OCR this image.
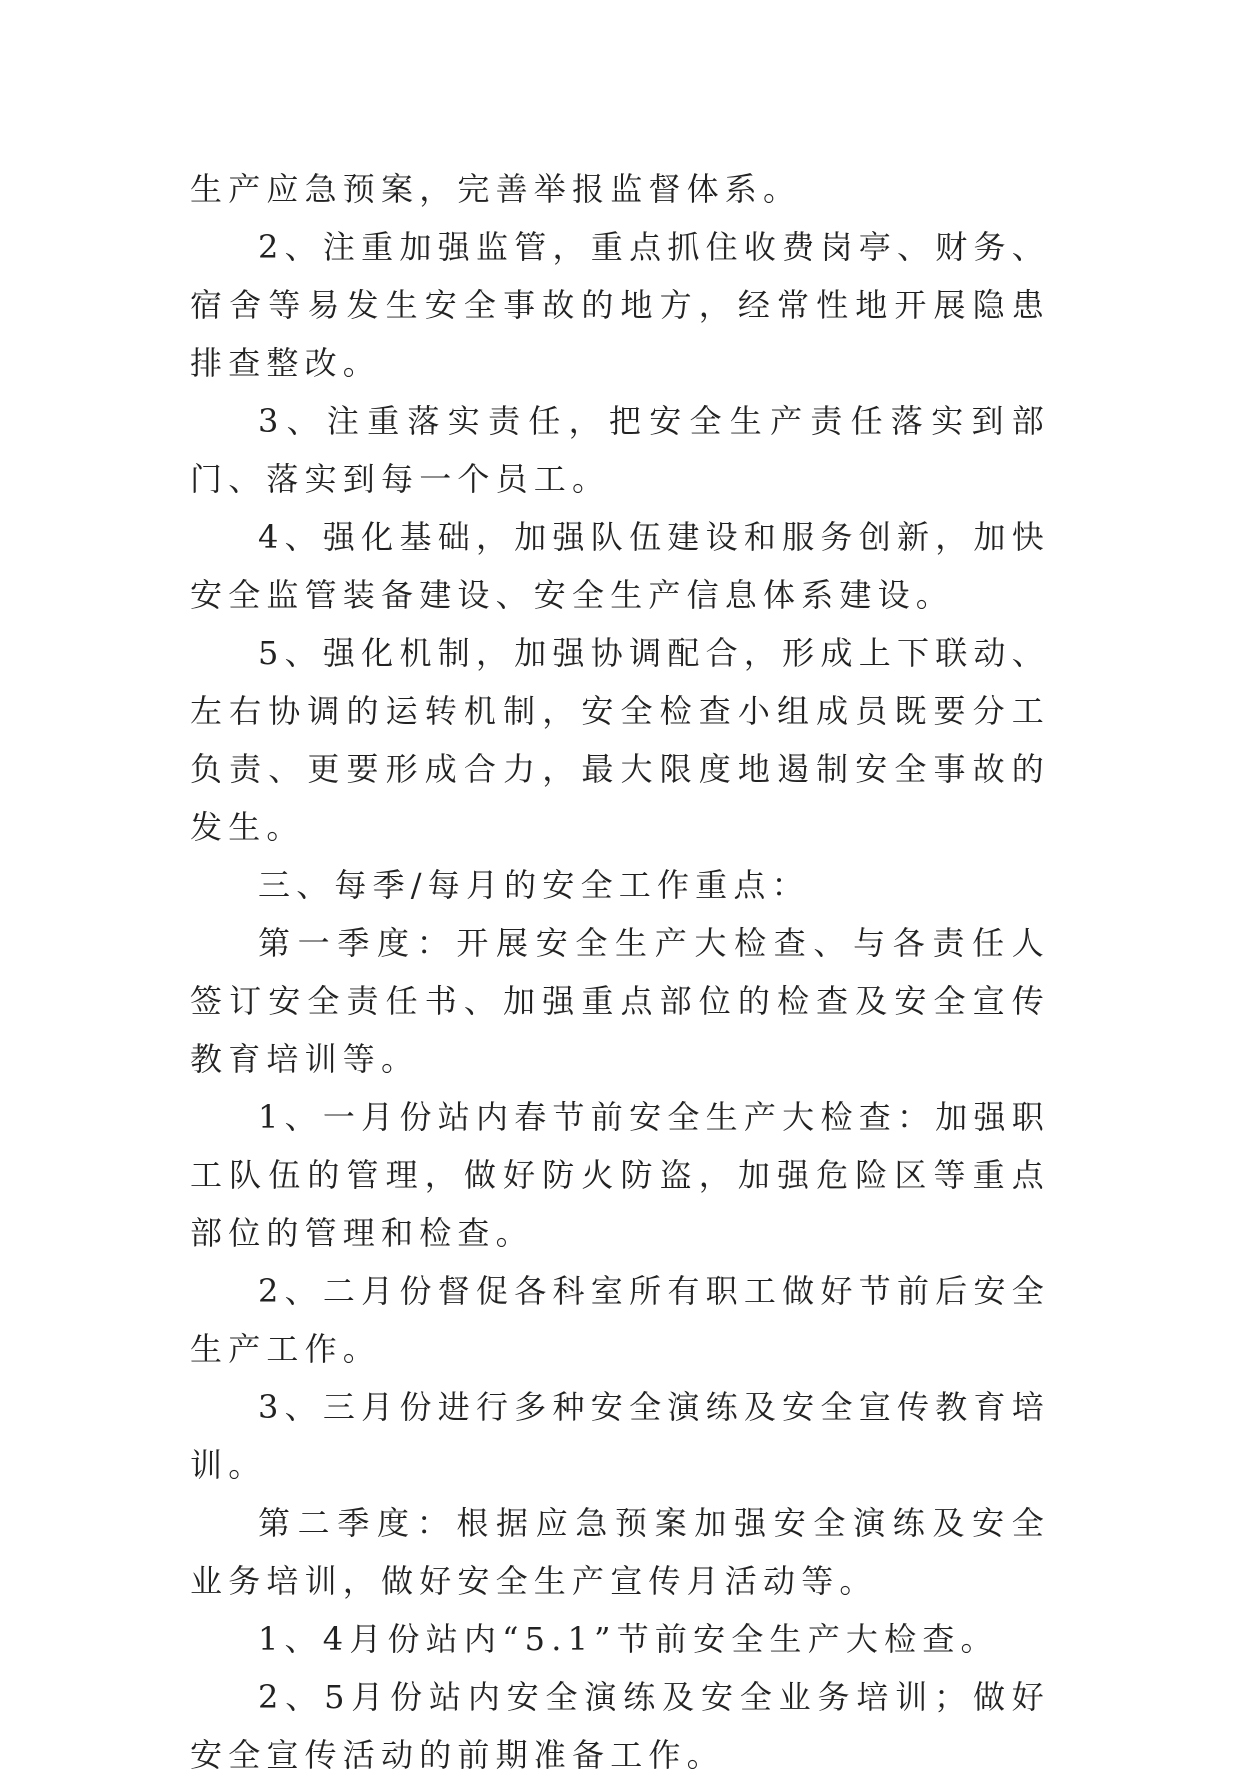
生产应急预案，完善举报监督体系。

2、注重加强监管，重点抓住收费岗亭、财务、宿舍等易发生安全事故的地方，经常性地开展隐患排查整改。

3、注重落实责任，把安全生产责任落实到部门、落实到每一个员工。

4、强化基础，加强队伍建设和服务创新，加快安全监管装备建设、安全生产信息体系建设。

5、强化机制，加强协调配合，形成上下联动、左右协调的运转机制，安全检查小组成员既要分工负责、更要形成合力，最大限度地遏制安全事故的发生。

三、每季/每月的安全工作重点：

第一季度：开展安全生产大检查、与各责任人签订安全责任书、加强重点部位的检查及安全宣传教育培训等。

1、一月份站内春节前安全生产大检查：加强职工队伍的管理，做好防火防盗，加强危险区等重点部位的管理和检查。

2、二月份督促各科室所有职工做好节前后安全生产工作。

3、三月份进行多种安全演练及安全宣传教育培训。

第二季度：根据应急预案加强安全演练及安全业务培训，做好安全生产宣传月活动等。

1、4月份站内“5.1”节前安全生产大检查。

2、5月份站内安全演练及安全业务培训；做好安全宣传活动的前期准备工作。
